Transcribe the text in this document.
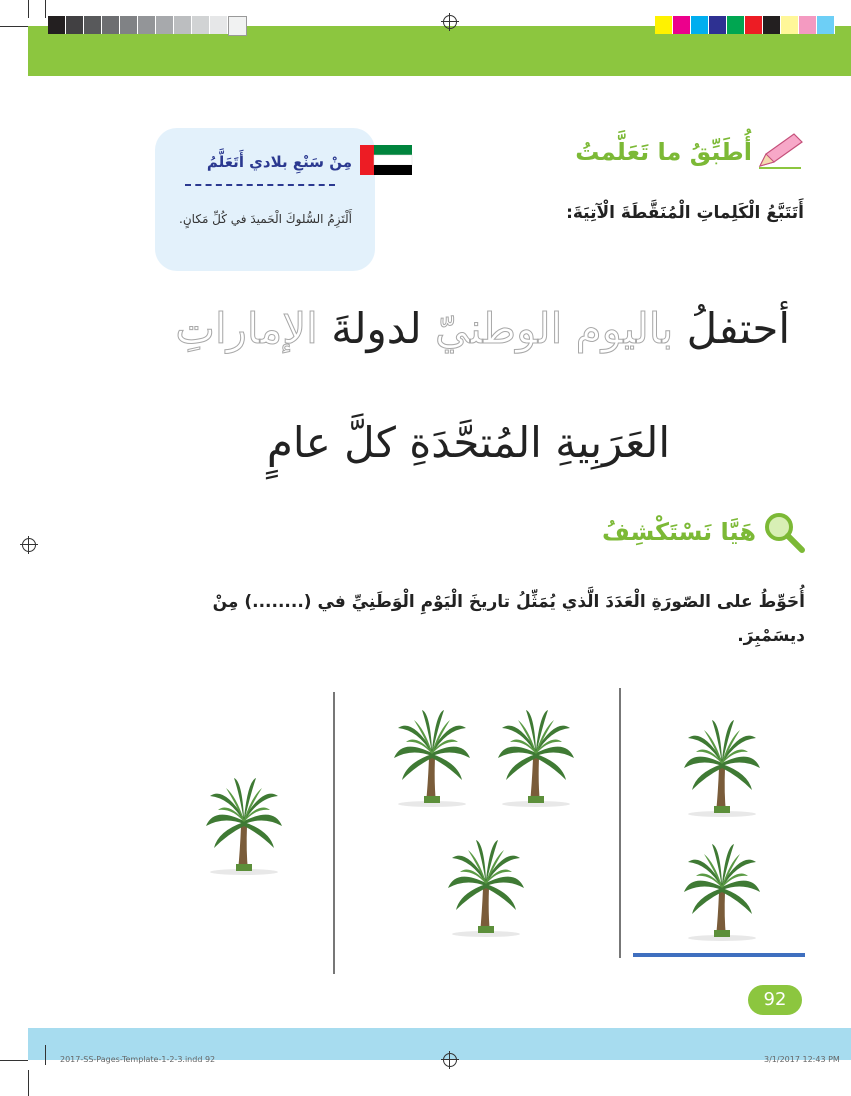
أُطَبِّقُ ما تَعَلَّمتُ
أَتَتَبَّعُ الْكَلِماتِ الْمُنَقَّطَةَ الْآتِيَةَ:
مِنْ سَنْعِ بلادي أَتَعَلَّمُ
أَلْتَزِمُ السُّلوكَ الْحَميدَ في كُلِّ مَكانٍ.
أحتفلُ باليوم الوطنيّ لدولةَ الإماراتِ
العَرَبِيةِ المُتحَّدَةِ كلَّ عامٍ
هَيَّا نَسْتَكْشِفُ
أُحَوِّطُ على الصّورَةِ الْعَدَدَ الَّذي يُمَثِّلُ تاريخَ الْيَوْمِ الْوَطَنِيِّ في (........) مِنْ ديسَمْبِرَ.
92
2017-SS-Pages-Template-1-2-3.indd 92	3/1/2017 12:43 PM
